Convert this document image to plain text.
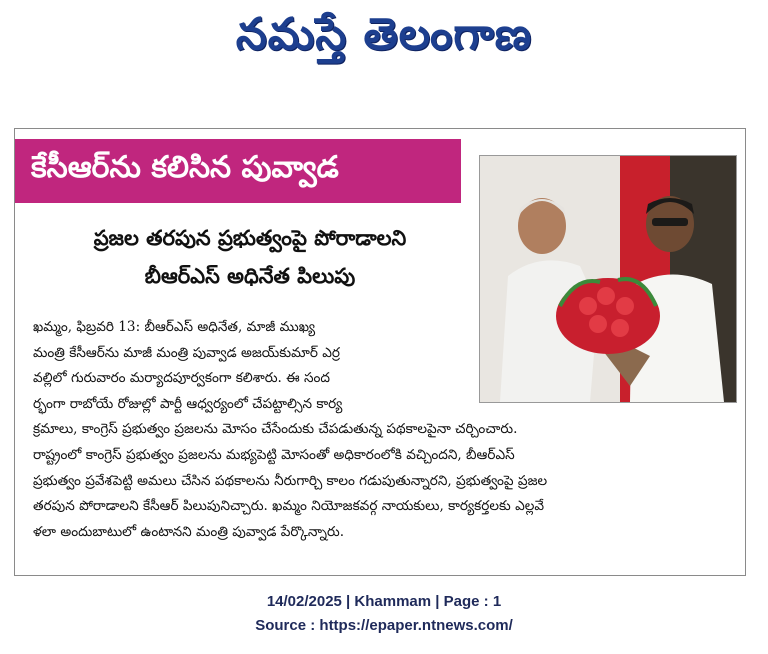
నమస్తే తెలంగాణ
కేసీఆర్‌ను కలిసిన పువ్వాడ
ప్రజల తరపున ప్రభుత్వంపై పోరాడాలని
బీఆర్‌ఎస్ అధినేత పిలుపు
ఖమ్మం, ఫిబ్రవరి 13: బీఆర్‌ఎస్ అధినేత, మాజీ ముఖ్య
మంత్రి కేసీఆర్‌ను మాజీ మంత్రి పువ్వాడ అజయ్‌కుమార్ ఎర్ర
వల్లిలో గురువారం మర్యాదపూర్వకంగా కలిశారు. ఈ సంద
ర్భంగా రాబోయే రోజుల్లో పార్టీ ఆధ్వర్యంలో చేపట్టాల్సిన కార్య
క్రమాలు, కాంగ్రెస్ ప్రభుత్వం ప్రజలను మోసం చేసేందుకు చేపడుతున్న పథకాలపైనా చర్చించారు.
రాష్ట్రంలో కాంగ్రెస్ ప్రభుత్వం ప్రజలను మభ్యపెట్టి మోసంతో అధికారంలోకి వచ్చిందని, బీఆర్‌ఎస్
ప్రభుత్వం ప్రవేశపెట్టి అమలు చేసిన పథకాలను నీరుగార్చి కాలం గడుపుతున్నారని, ప్రభుత్వంపై ప్రజల
తరపున పోరాడాలని కేసీఆర్ పిలుపునిచ్చారు. ఖమ్మం నియోజకవర్గ నాయకులు, కార్యకర్తలకు ఎల్లవే
ళలా అందుబాటులో ఉంటానని మంత్రి పువ్వాడ పేర్కొన్నారు.
14/02/2025 | Khammam | Page : 1
Source : https://epaper.ntnews.com/
